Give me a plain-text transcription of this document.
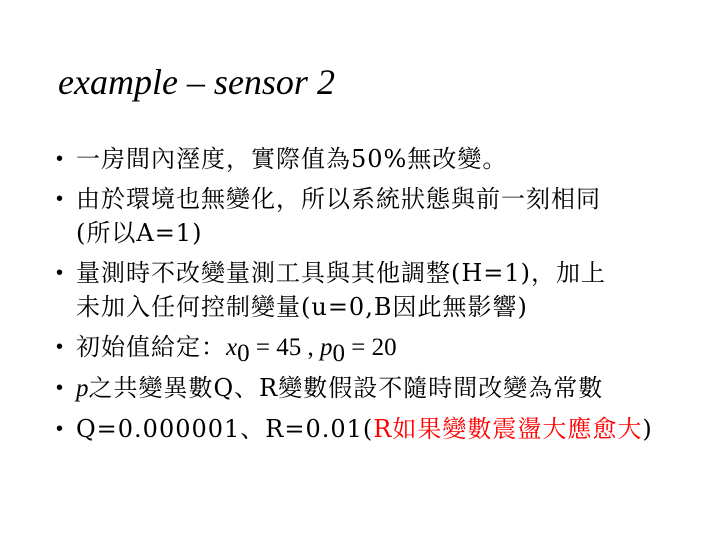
example – sensor 2
• 一房間內溼度，實際值為50%無改變。
• 由於環境也無變化，所以系統狀態與前一刻相同
(所以A=1)
• 量測時不改變量測工具與其他調整(H=1)，加上
未加入任何控制變量(u=0,B因此無影響)
• 初始值給定：$x_0 = 45$ , $p_0 = 20$
• p之共變異數Q、R變數假設不隨時間改變為常數
• Q=0.000001、R=0.01(R如果變數震盪大應愈大)
